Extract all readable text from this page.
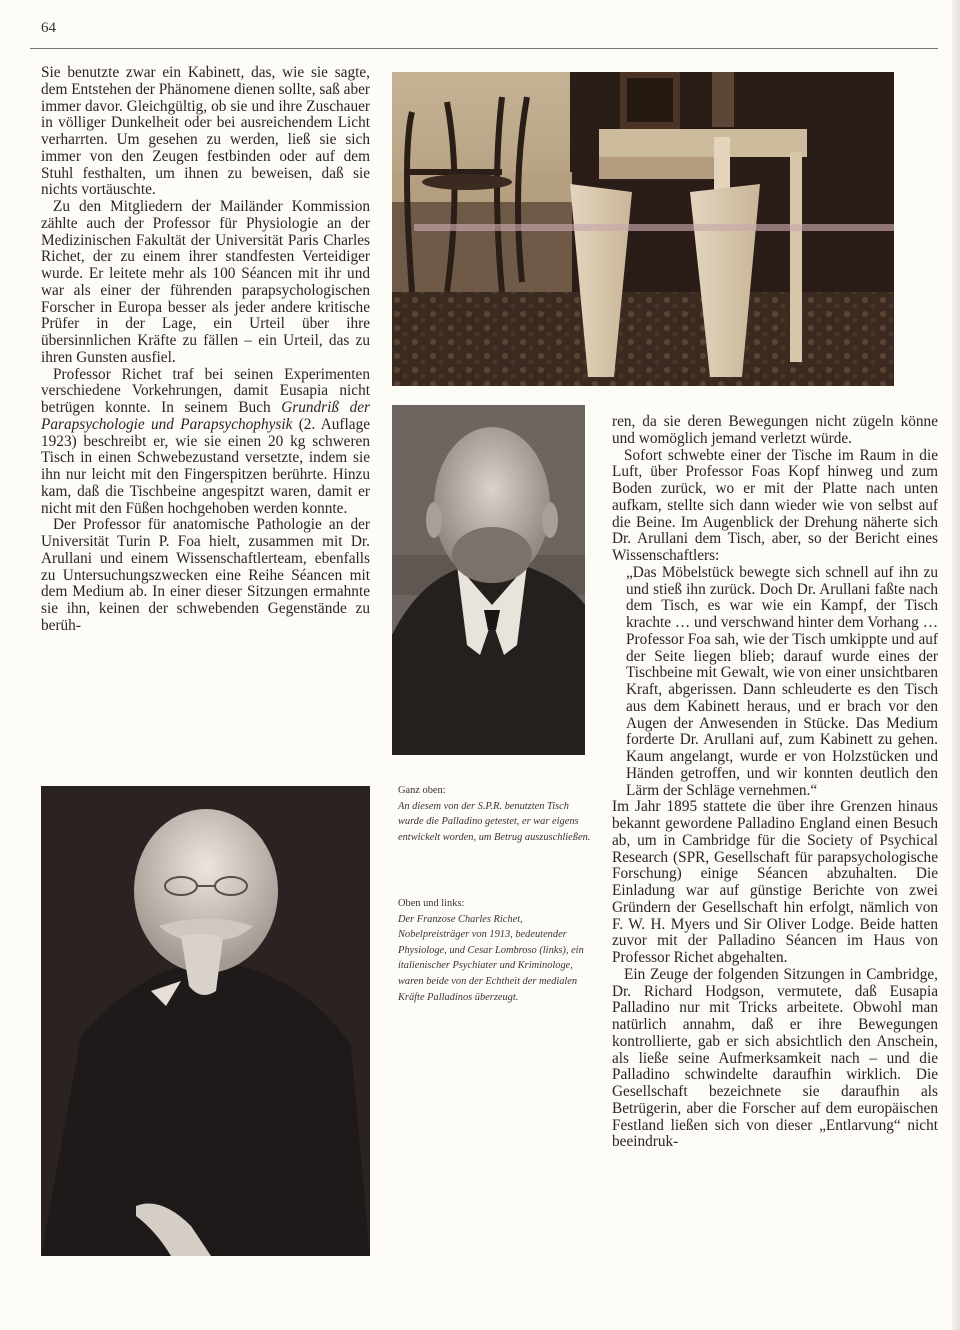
64

Sie benutzte zwar ein Kabinett, das, wie sie sagte, dem Entstehen der Phänomene dienen sollte, saß aber immer davor. Gleichgültig, ob sie und ihre Zuschauer in völliger Dunkelheit oder bei ausreichendem Licht verharrten. Um gesehen zu werden, ließ sie sich immer von den Zeugen festbinden oder auf dem Stuhl festhalten, um ihnen zu beweisen, daß sie nichts vortäuschte.

Zu den Mitgliedern der Mailänder Kommission zählte auch der Professor für Physiologie an der Medizinischen Fakultät der Universität Paris Charles Richet, der zu einem ihrer standfesten Verteidiger wurde. Er leitete mehr als 100 Séancen mit ihr und war als einer der führenden parapsychologischen Forscher in Europa besser als jeder andere kritische Prüfer in der Lage, ein Urteil über ihre übersinnlichen Kräfte zu fällen – ein Urteil, das zu ihren Gunsten ausfiel.

Professor Richet traf bei seinen Experimenten verschiedene Vorkehrungen, damit Eusapia nicht betrügen konnte. In seinem Buch Grundriß der Parapsychologie und Parapsychophysik (2. Auflage 1923) beschreibt er, wie sie einen 20 kg schweren Tisch in einen Schwebezustand versetzte, indem sie ihn nur leicht mit den Fingerspitzen berührte. Hinzu kam, daß die Tischbeine angespitzt waren, damit er nicht mit den Füßen hochgehoben werden konnte.

Der Professor für anatomische Pathologie an der Universität Turin P. Foa hielt, zusammen mit Dr. Arullani und einem Wissenschaftlerteam, ebenfalls zu Untersuchungszwecken eine Reihe Séancen mit dem Medium ab. In einer dieser Sitzungen ermahnte sie ihn, keinen der schwebenden Gegenstände zu berüh-

Ganz oben:
An diesem von der S.P.R. benutzten Tisch wurde die Palladino getestet, er war eigens entwickelt worden, um Betrug auszuschließen.
Oben und links:
Der Franzose Charles Richet, Nobelpreisträger von 1913, bedeutender Physiologe, und Cesar Lombroso (links), ein italienischer Psychiater und Kriminologe, waren beide von der Echtheit der medialen Kräfte Palladinos überzeugt.

ren, da sie deren Bewegungen nicht zügeln könne und womöglich jemand verletzt würde.

Sofort schwebte einer der Tische im Raum in die Luft, über Professor Foas Kopf hinweg und zum Boden zurück, wo er mit der Platte nach unten aufkam, stellte sich dann wieder wie von selbst auf die Beine. Im Augenblick der Drehung näherte sich Dr. Arullani dem Tisch, aber, so der Bericht eines Wissenschaftlers:

„Das Möbelstück bewegte sich schnell auf ihn zu und stieß ihn zurück. Doch Dr. Arullani faßte nach dem Tisch, es war wie ein Kampf, der Tisch krachte … und verschwand hinter dem Vorhang … Professor Foa sah, wie der Tisch umkippte und auf der Seite liegen blieb; darauf wurde eines der Tischbeine mit Gewalt, wie von einer unsichtbaren Kraft, abgerissen. Dann schleuderte es den Tisch aus dem Kabinett heraus, und er brach vor den Augen der Anwesenden in Stücke. Das Medium forderte Dr. Arullani auf, zum Kabinett zu gehen. Kaum angelangt, wurde er von Holzstücken und Händen getroffen, und wir konnten deutlich den Lärm der Schläge vernehmen.“

Im Jahr 1895 stattete die über ihre Grenzen hinaus bekannt gewordene Palladino England einen Besuch ab, um in Cambridge für die Society of Psychical Research (SPR, Gesellschaft für parapsychologische Forschung) einige Séancen abzuhalten. Die Einladung war auf günstige Berichte von zwei Gründern der Gesellschaft hin erfolgt, nämlich von F. W. H. Myers und Sir Oliver Lodge. Beide hatten zuvor mit der Palladino Séancen im Haus von Professor Richet abgehalten.

Ein Zeuge der folgenden Sitzungen in Cambridge, Dr. Richard Hodgson, vermutete, daß Eusapia Palladino nur mit Tricks arbeitete. Obwohl man natürlich annahm, daß er ihre Bewegungen kontrollierte, gab er sich absichtlich den Anschein, als ließe seine Aufmerksamkeit nach – und die Palladino schwindelte daraufhin wirklich. Die Gesellschaft bezeichnete sie daraufhin als Betrügerin, aber die Forscher auf dem europäischen Festland ließen sich von dieser „Entlarvung“ nicht beeindruk-
